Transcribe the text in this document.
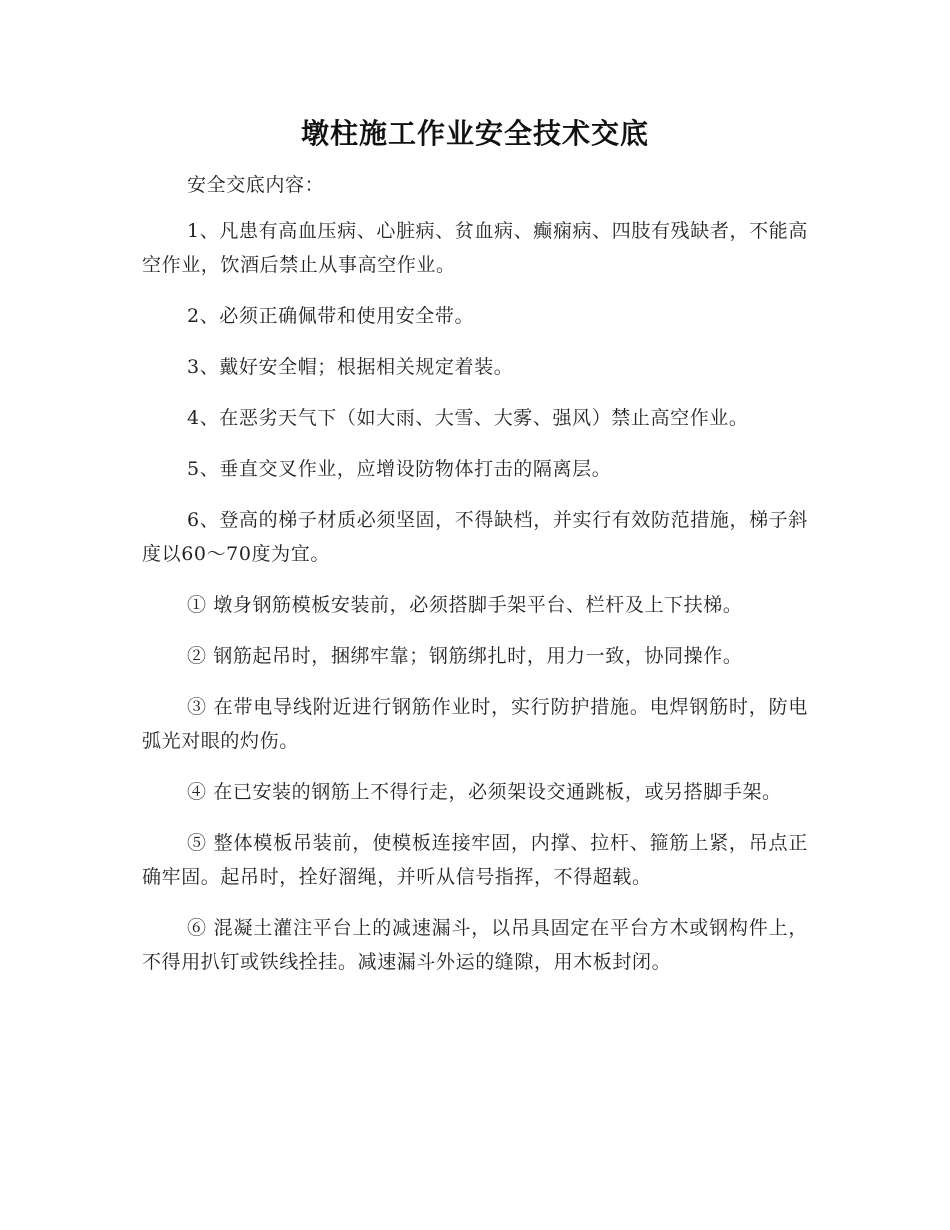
墩柱施工作业安全技术交底

安全交底内容：

1、凡患有高血压病、心脏病、贫血病、癫痫病、四肢有残缺者，不能高空作业，饮酒后禁止从事高空作业。

2、必须正确佩带和使用安全带。

3、戴好安全帽；根据相关规定着装。

4、在恶劣天气下（如大雨、大雪、大雾、强风）禁止高空作业。

5、垂直交叉作业，应增设防物体打击的隔离层。

6、登高的梯子材质必须坚固，不得缺档，并实行有效防范措施，梯子斜度以60～70度为宜。

① 墩身钢筋模板安装前，必须搭脚手架平台、栏杆及上下扶梯。

② 钢筋起吊时，捆绑牢靠；钢筋绑扎时，用力一致，协同操作。

③ 在带电导线附近进行钢筋作业时，实行防护措施。电焊钢筋时，防电弧光对眼的灼伤。

④ 在已安装的钢筋上不得行走，必须架设交通跳板，或另搭脚手架。

⑤ 整体模板吊装前，使模板连接牢固，内撑、拉杆、箍筋上紧，吊点正确牢固。起吊时，拴好溜绳，并听从信号指挥，不得超载。

⑥ 混凝土灌注平台上的减速漏斗，以吊具固定在平台方木或钢构件上，不得用扒钉或铁线拴挂。减速漏斗外运的缝隙，用木板封闭。
